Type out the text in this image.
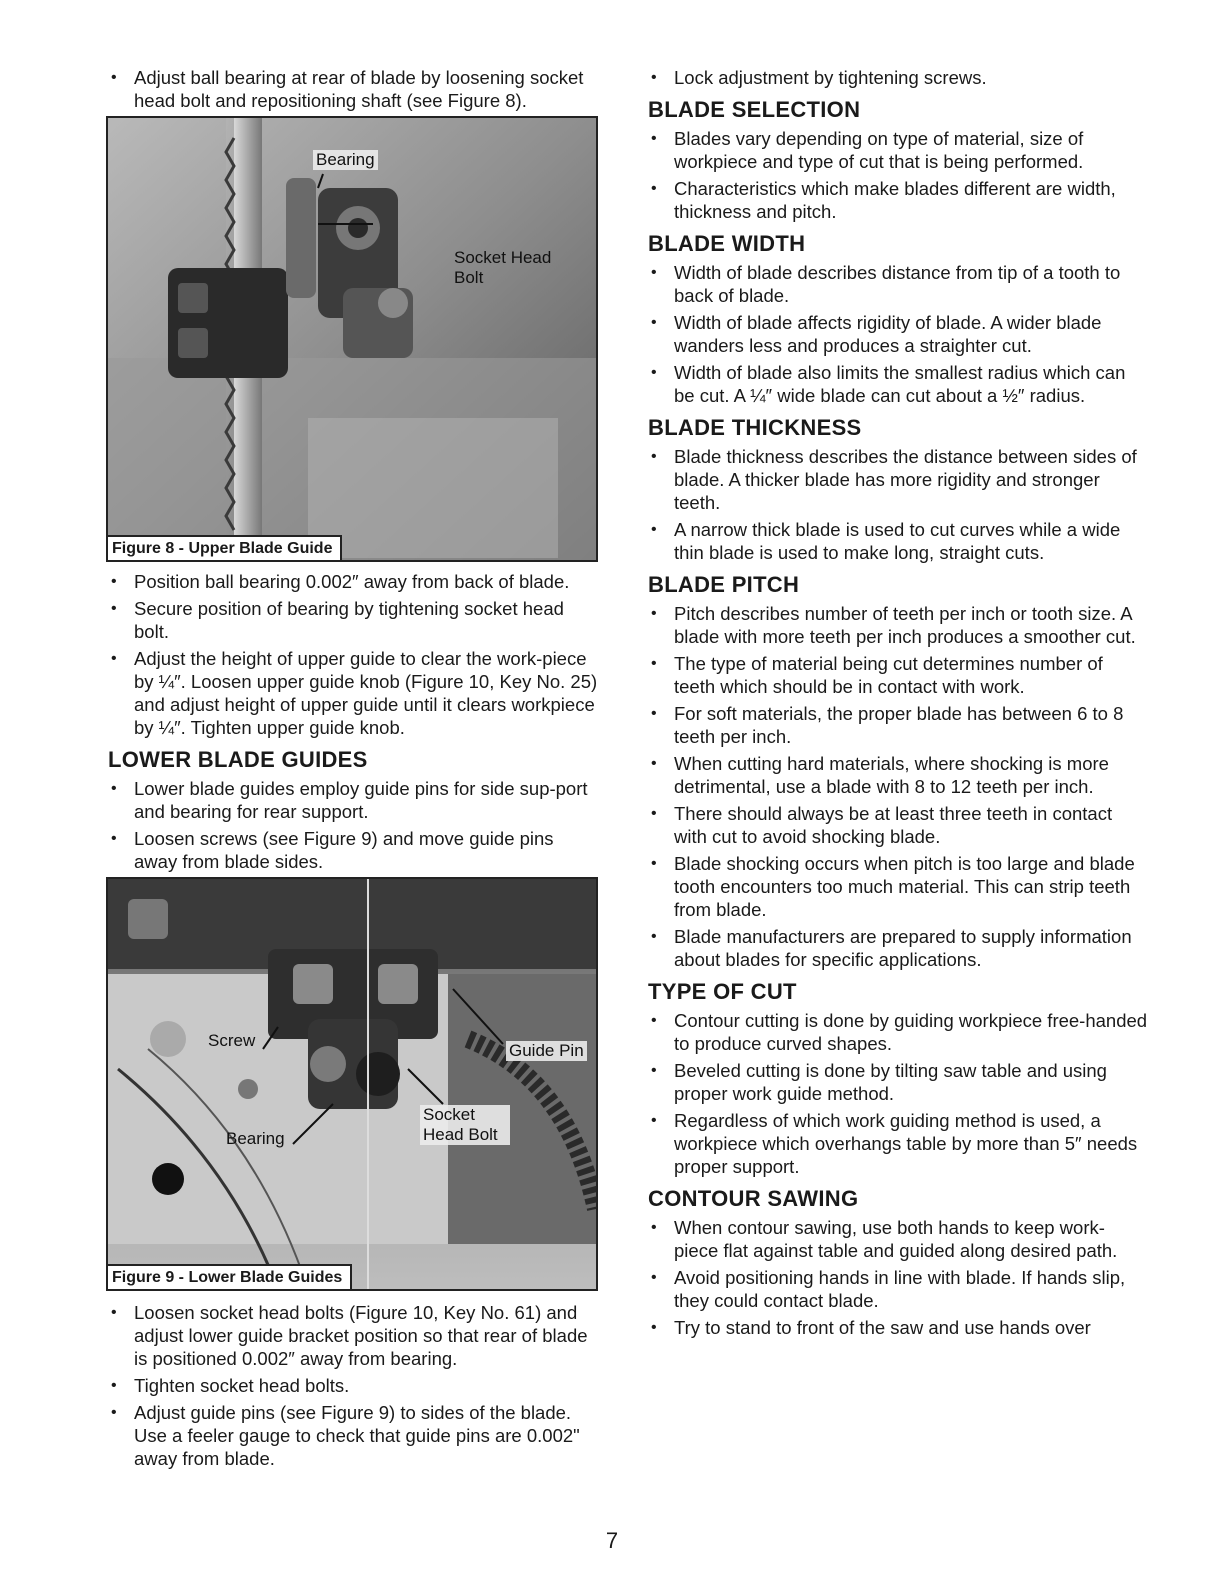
• Adjust ball bearing at rear of blade by loosening socket head bolt and repositioning shaft (see Figure 8).
Bearing
Socket Head Bolt
Figure 8 - Upper Blade Guide
• Position ball bearing 0.002″ away from back of blade.
• Secure position of bearing by tightening socket head bolt.
• Adjust the height of upper guide to clear the work-piece by ¼″. Loosen upper guide knob (Figure 10, Key No. 25) and adjust height of upper guide until it clears workpiece by ¼″. Tighten upper guide knob.
LOWER BLADE GUIDES
• Lower blade guides employ guide pins for side sup-port and bearing for rear support.
• Loosen screws (see Figure 9) and move guide pins away from blade sides.
Screw
Guide Pin
Socket Head Bolt
Bearing
Figure 9 - Lower Blade Guides
• Loosen socket head bolts (Figure 10, Key No. 61) and adjust lower guide bracket position so that rear of blade is positioned 0.002″ away from bearing.
• Tighten socket head bolts.
• Adjust guide pins (see Figure 9) to sides of the blade. Use a feeler gauge to check that guide pins are 0.002" away from blade.
• Lock adjustment by tightening screws.
BLADE SELECTION
• Blades vary depending on type of material, size of workpiece and type of cut that is being performed.
• Characteristics which make blades different are width, thickness and pitch.
BLADE WIDTH
• Width of blade describes distance from tip of a tooth to back of blade.
• Width of blade affects rigidity of blade. A wider blade wanders less and produces a straighter cut.
• Width of blade also limits the smallest radius which can be cut. A ¼″ wide blade can cut about a ½″ radius.
BLADE THICKNESS
• Blade thickness describes the distance between sides of blade. A thicker blade has more rigidity and stronger teeth.
• A narrow thick blade is used to cut curves while a wide thin blade is used to make long, straight cuts.
BLADE PITCH
• Pitch describes number of teeth per inch or tooth size. A blade with more teeth per inch produces a smoother cut.
• The type of material being cut determines number of teeth which should be in contact with work.
• For soft materials, the proper blade has between 6 to 8 teeth per inch.
• When cutting hard materials, where shocking is more detrimental, use a blade with 8 to 12 teeth per inch.
• There should always be at least three teeth in contact with cut to avoid shocking blade.
• Blade shocking occurs when pitch is too large and blade tooth encounters too much material. This can strip teeth from blade.
• Blade manufacturers are prepared to supply information about blades for specific applications.
TYPE OF CUT
• Contour cutting is done by guiding workpiece free-handed to produce curved shapes.
• Beveled cutting is done by tilting saw table and using proper work guide method.
• Regardless of which work guiding method is used, a workpiece which overhangs table by more than 5″ needs proper support.
CONTOUR SAWING
• When contour sawing, use both hands to keep work-piece flat against table and guided along desired path.
• Avoid positioning hands in line with blade. If hands slip, they could contact blade.
• Try to stand to front of the saw and use hands over
7
